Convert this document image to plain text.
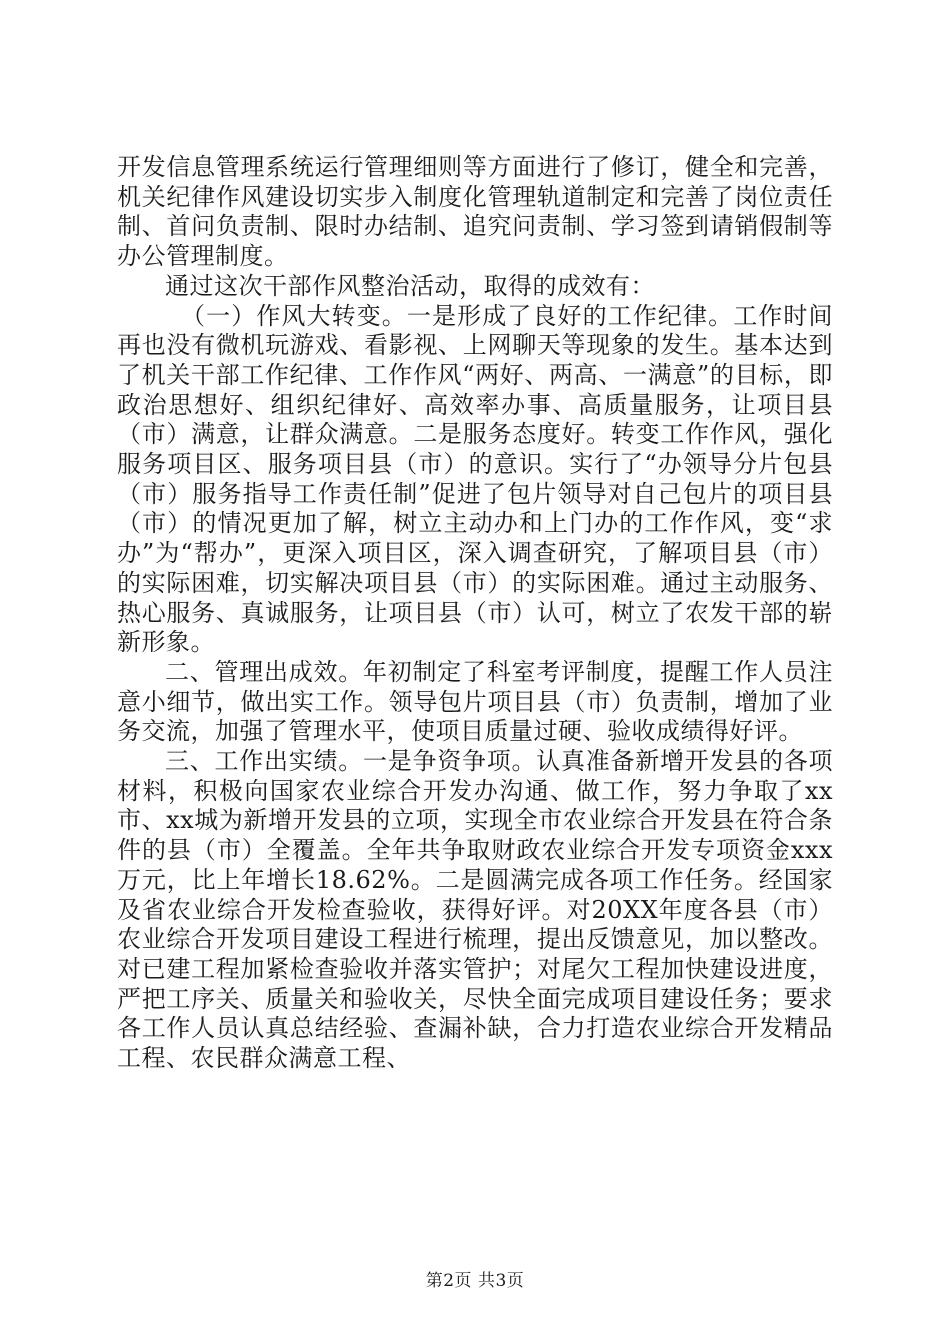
开发信息管理系统运行管理细则等方面进行了修订，健全和完善，机关纪律作风建设切实步入制度化管理轨道制定和完善了岗位责任制、首问负责制、限时办结制、追究问责制、学习签到请销假制等办公管理制度。

通过这次干部作风整治活动，取得的成效有：

（一）作风大转变。一是形成了良好的工作纪律。工作时间再也没有微机玩游戏、看影视、上网聊天等现象的发生。基本达到了机关干部工作纪律、工作作风“两好、两高、一满意”的目标，即政治思想好、组织纪律好、高效率办事、高质量服务，让项目县（市）满意，让群众满意。二是服务态度好。转变工作作风，强化服务项目区、服务项目县（市）的意识。实行了“办领导分片包县（市）服务指导工作责任制”促进了包片领导对自己包片的项目县（市）的情况更加了解，树立主动办和上门办的工作作风，变“求办”为“帮办”，更深入项目区，深入调查研究，了解项目县（市）的实际困难，切实解决项目县（市）的实际困难。通过主动服务、热心服务、真诚服务，让项目县（市）认可，树立了农发干部的崭新形象。

二、管理出成效。年初制定了科室考评制度，提醒工作人员注意小细节，做出实工作。领导包片项目县（市）负责制，增加了业务交流，加强了管理水平，使项目质量过硬、验收成绩得好评。

三、工作出实绩。一是争资争项。认真准备新增开发县的各项材料，积极向国家农业综合开发办沟通、做工作，努力争取了xx市、xx城为新增开发县的立项，实现全市农业综合开发县在符合条件的县（市）全覆盖。全年共争取财政农业综合开发专项资金xxx万元，比上年增长18.62%。二是圆满完成各项工作任务。经国家及省农业综合开发检查验收，获得好评。对20XX年度各县（市）农业综合开发项目建设工程进行梳理，提出反馈意见，加以整改。对已建工程加紧检查验收并落实管护；对尾欠工程加快建设进度，严把工序关、质量关和验收关，尽快全面完成项目建设任务；要求各工作人员认真总结经验、查漏补缺，合力打造农业综合开发精品工程、农民群众满意工程、

第2页 共3页
